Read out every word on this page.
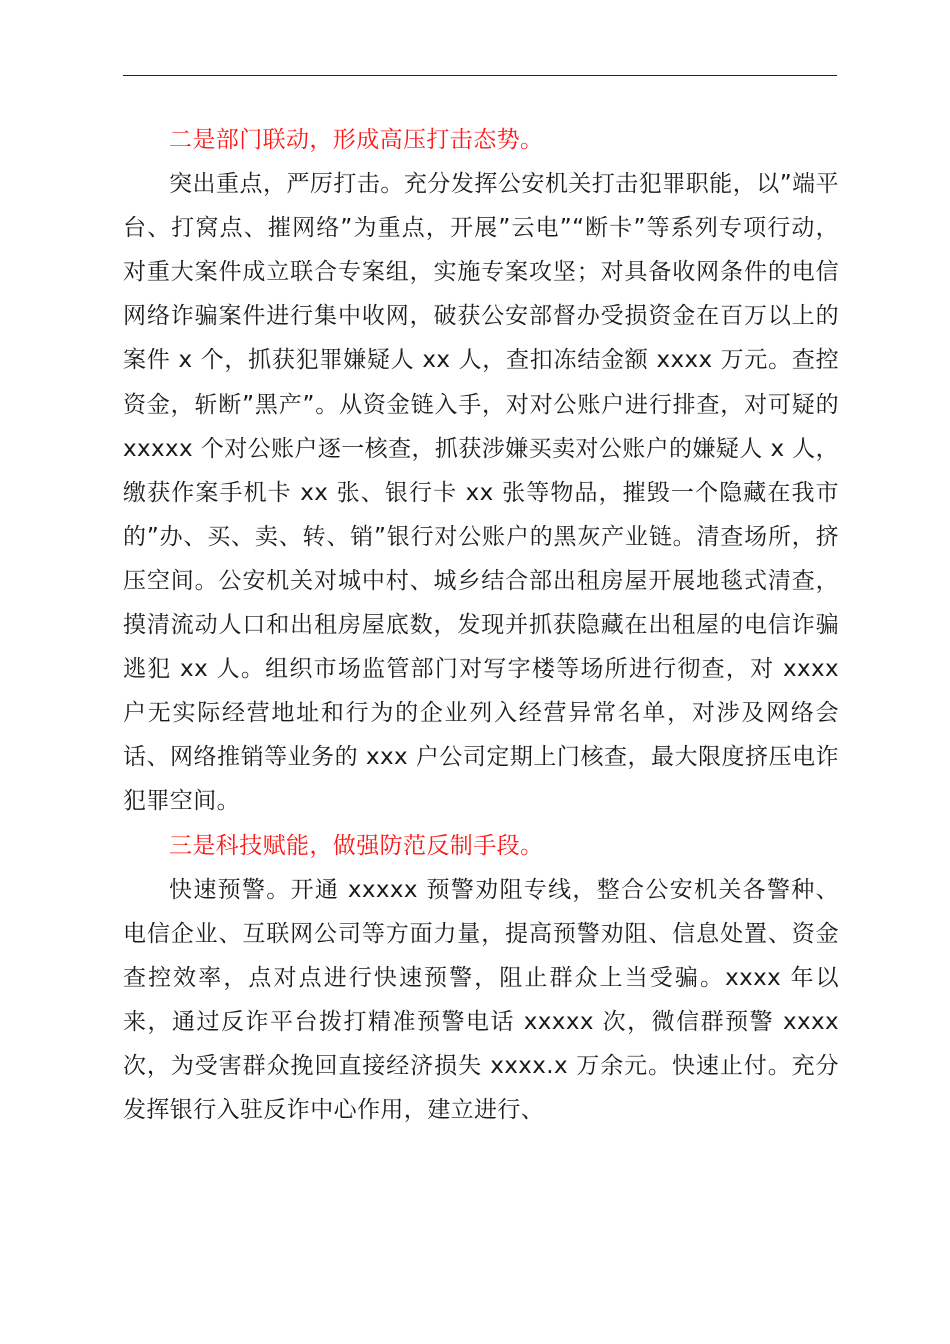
二是部门联动，形成高压打击态势。

突出重点，严厉打击。充分发挥公安机关打击犯罪职能，以”端平台、打窝点、摧网络”为重点，开展”云电”“断卡”等系列专项行动，对重大案件成立联合专案组，实施专案攻坚；对具备收网条件的电信网络诈骗案件进行集中收网，破获公安部督办受损资金在百万以上的案件 x 个，抓获犯罪嫌疑人 xx 人，查扣冻结金额 xxxx 万元。查控资金，斩断”黑产”。从资金链入手，对对公账户进行排查，对可疑的 xxxxx 个对公账户逐一核查，抓获涉嫌买卖对公账户的嫌疑人 x 人，缴获作案手机卡 xx 张、银行卡 xx 张等物品，摧毁一个隐藏在我市的”办、买、卖、转、销”银行对公账户的黑灰产业链。清查场所，挤压空间。公安机关对城中村、城乡结合部出租房屋开展地毯式清查，摸清流动人口和出租房屋底数，发现并抓获隐藏在出租屋的电信诈骗逃犯 xx 人。组织市场监管部门对写字楼等场所进行彻查，对 xxxx 户无实际经营地址和行为的企业列入经营异常名单，对涉及网络会话、网络推销等业务的 xxx 户公司定期上门核查，最大限度挤压电诈犯罪空间。

三是科技赋能，做强防范反制手段。

快速预警。开通 xxxxx 预警劝阻专线，整合公安机关各警种、电信企业、互联网公司等方面力量，提高预警劝阻、信息处置、资金查控效率，点对点进行快速预警，阻止群众上当受骗。xxxx 年以来，通过反诈平台拨打精准预警电话 xxxxx 次，微信群预警 xxxx 次，为受害群众挽回直接经济损失 xxxx.x 万余元。快速止付。充分发挥银行入驻反诈中心作用，建立进行、
